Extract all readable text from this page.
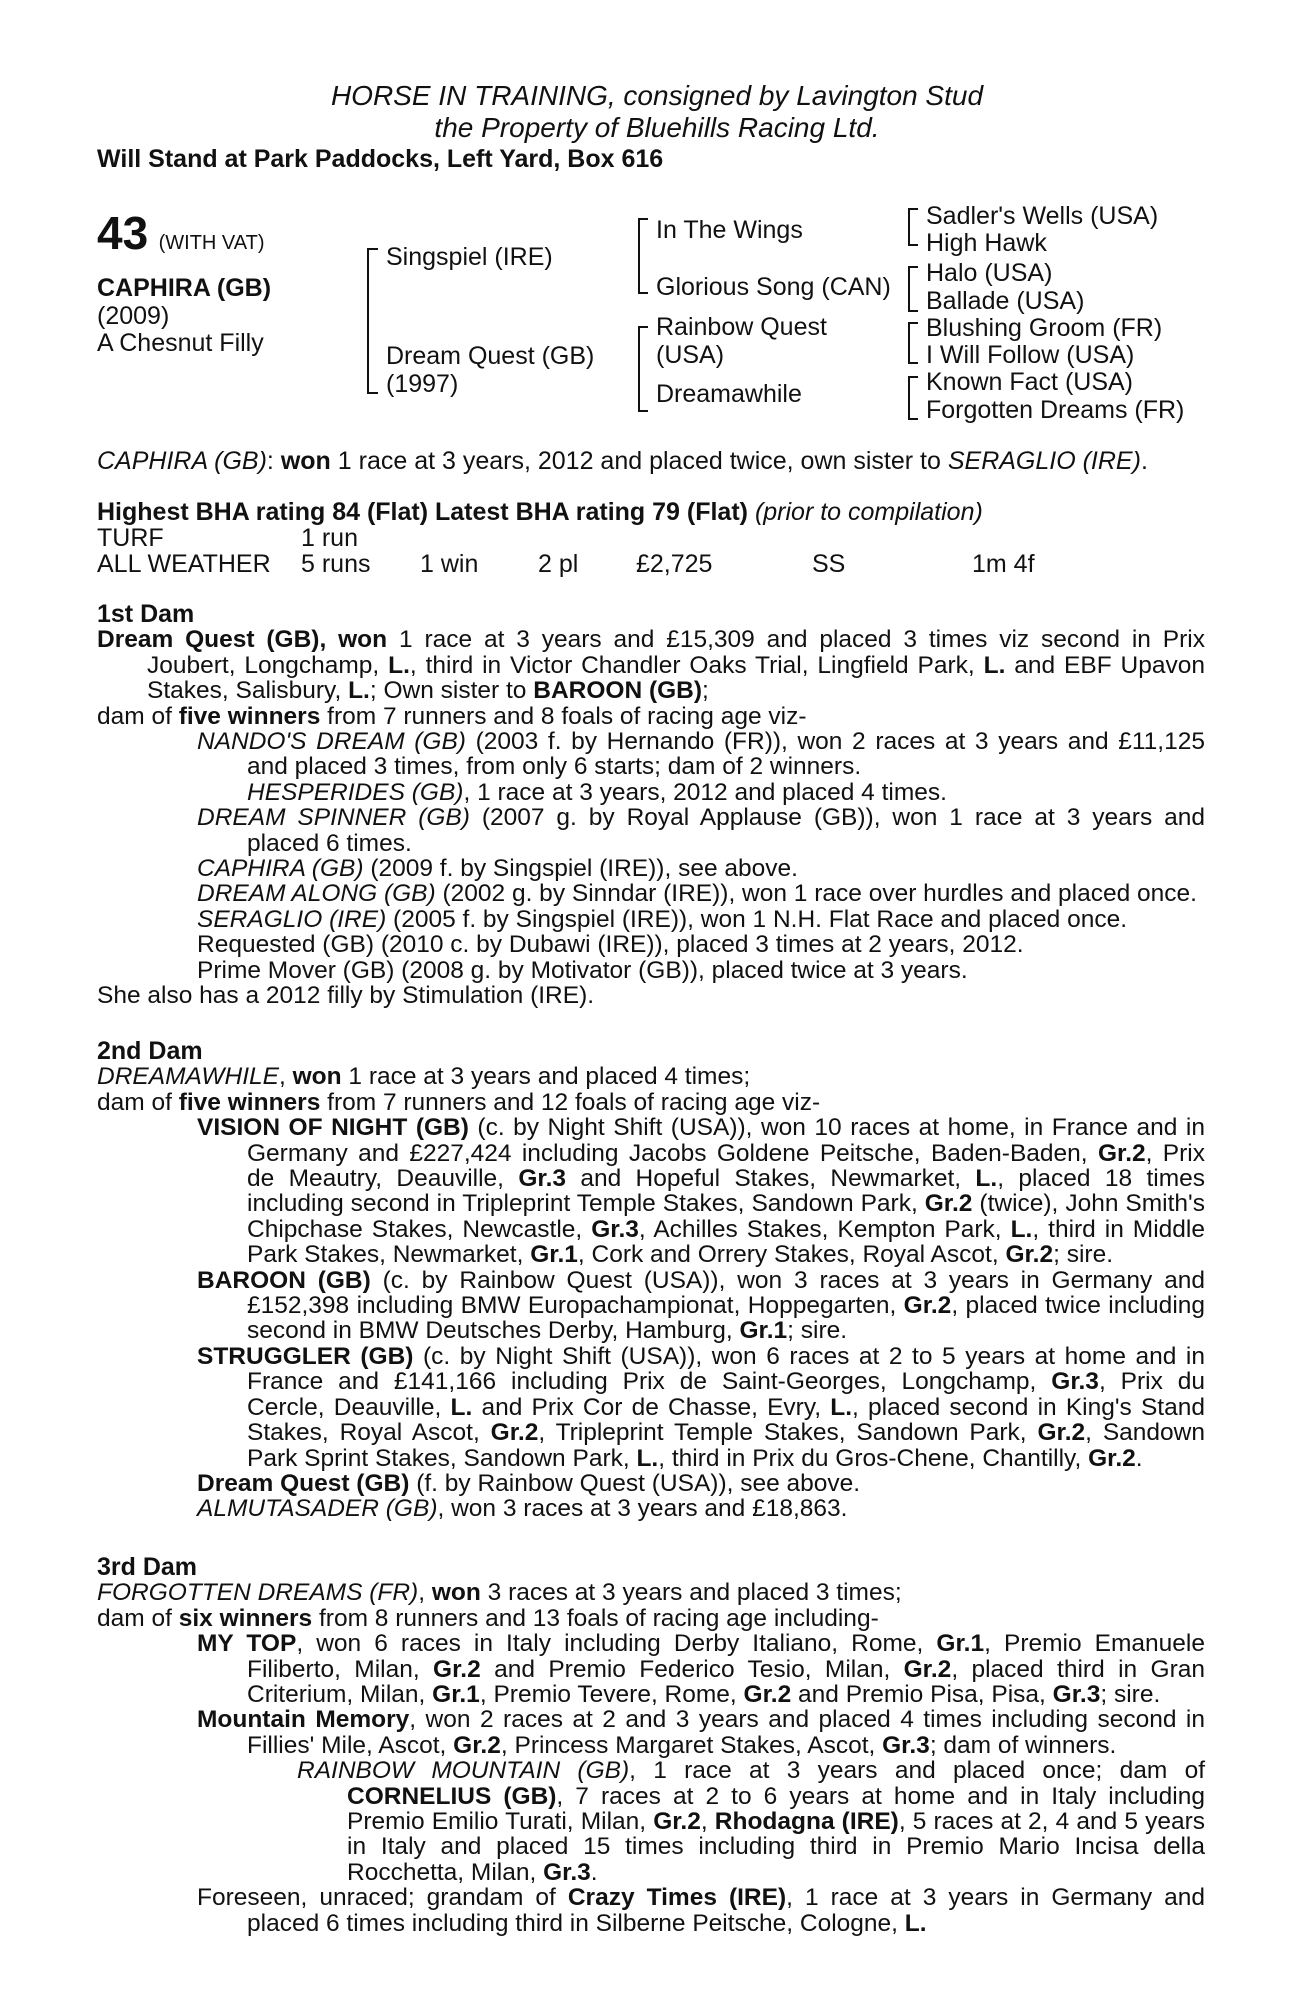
HORSE IN TRAINING, consigned by Lavington Stud
the Property of Bluehills Racing Ltd.
Will Stand at Park Paddocks, Left Yard, Box 616
43 (WITH VAT)
CAPHIRA (GB)
(2009)
A Chesnut Filly
Singspiel (IRE)
Dream Quest (GB)
(1997)
In The Wings
Glorious Song (CAN)
Rainbow Quest
(USA)
Dreamawhile
Sadler's Wells (USA)
High Hawk
Halo (USA)
Ballade (USA)
Blushing Groom (FR)
I Will Follow (USA)
Known Fact (USA)
Forgotten Dreams (FR)
CAPHIRA (GB): won 1 race at 3 years, 2012 and placed twice, own sister to SERAGLIO (IRE).
Highest BHA rating 84 (Flat) Latest BHA rating 79 (Flat) (prior to compilation)
TURF	1 run
ALL WEATHER 5 runs 1 win 2 pl £2,725	SS	1m 4f

1st Dam

Dream Quest (GB), won 1 race at 3 years and £15,309 and placed 3 times viz second in Prix Joubert, Longchamp, L., third in Victor Chandler Oaks Trial, Lingfield Park, L. and EBF Upavon Stakes, Salisbury, L.; Own sister to BAROON (GB);

dam of five winners from 7 runners and 8 foals of racing age viz-

NANDO'S DREAM (GB) (2003 f. by Hernando (FR)), won 2 races at 3 years and £11,125 and placed 3 times, from only 6 starts; dam of 2 winners.

HESPERIDES (GB), 1 race at 3 years, 2012 and placed 4 times.

DREAM SPINNER (GB) (2007 g. by Royal Applause (GB)), won 1 race at 3 years and placed 6 times.

CAPHIRA (GB) (2009 f. by Singspiel (IRE)), see above.

DREAM ALONG (GB) (2002 g. by Sinndar (IRE)), won 1 race over hurdles and placed once.

SERAGLIO (IRE) (2005 f. by Singspiel (IRE)), won 1 N.H. Flat Race and placed once.

Requested (GB) (2010 c. by Dubawi (IRE)), placed 3 times at 2 years, 2012.

Prime Mover (GB) (2008 g. by Motivator (GB)), placed twice at 3 years.

She also has a 2012 filly by Stimulation (IRE).

2nd Dam

DREAMAWHILE, won 1 race at 3 years and placed 4 times;

dam of five winners from 7 runners and 12 foals of racing age viz-

VISION OF NIGHT (GB) (c. by Night Shift (USA)), won 10 races at home, in France and in Germany and £227,424 including Jacobs Goldene Peitsche, Baden-Baden, Gr.2, Prix de Meautry, Deauville, Gr.3 and Hopeful Stakes, Newmarket, L., placed 18 times including second in Tripleprint Temple Stakes, Sandown Park, Gr.2 (twice), John Smith's Chipchase Stakes, Newcastle, Gr.3, Achilles Stakes, Kempton Park, L., third in Middle Park Stakes, Newmarket, Gr.1, Cork and Orrery Stakes, Royal Ascot, Gr.2; sire.

BAROON (GB) (c. by Rainbow Quest (USA)), won 3 races at 3 years in Germany and £152,398 including BMW Europachampionat, Hoppegarten, Gr.2, placed twice including second in BMW Deutsches Derby, Hamburg, Gr.1; sire.

STRUGGLER (GB) (c. by Night Shift (USA)), won 6 races at 2 to 5 years at home and in France and £141,166 including Prix de Saint-Georges, Longchamp, Gr.3, Prix du Cercle, Deauville, L. and Prix Cor de Chasse, Evry, L., placed second in King's Stand Stakes, Royal Ascot, Gr.2, Tripleprint Temple Stakes, Sandown Park, Gr.2, Sandown Park Sprint Stakes, Sandown Park, L., third in Prix du Gros-Chene, Chantilly, Gr.2.

Dream Quest (GB) (f. by Rainbow Quest (USA)), see above.

ALMUTASADER (GB), won 3 races at 3 years and £18,863.

3rd Dam

FORGOTTEN DREAMS (FR), won 3 races at 3 years and placed 3 times;

dam of six winners from 8 runners and 13 foals of racing age including-

MY TOP, won 6 races in Italy including Derby Italiano, Rome, Gr.1, Premio Emanuele Filiberto, Milan, Gr.2 and Premio Federico Tesio, Milan, Gr.2, placed third in Gran Criterium, Milan, Gr.1, Premio Tevere, Rome, Gr.2 and Premio Pisa, Pisa, Gr.3; sire.

Mountain Memory, won 2 races at 2 and 3 years and placed 4 times including second in Fillies' Mile, Ascot, Gr.2, Princess Margaret Stakes, Ascot, Gr.3; dam of winners.

RAINBOW MOUNTAIN (GB), 1 race at 3 years and placed once; dam of CORNELIUS (GB), 7 races at 2 to 6 years at home and in Italy including Premio Emilio Turati, Milan, Gr.2, Rhodagna (IRE), 5 races at 2, 4 and 5 years in Italy and placed 15 times including third in Premio Mario Incisa della Rocchetta, Milan, Gr.3.

Foreseen, unraced; grandam of Crazy Times (IRE), 1 race at 3 years in Germany and placed 6 times including third in Silberne Peitsche, Cologne, L.
